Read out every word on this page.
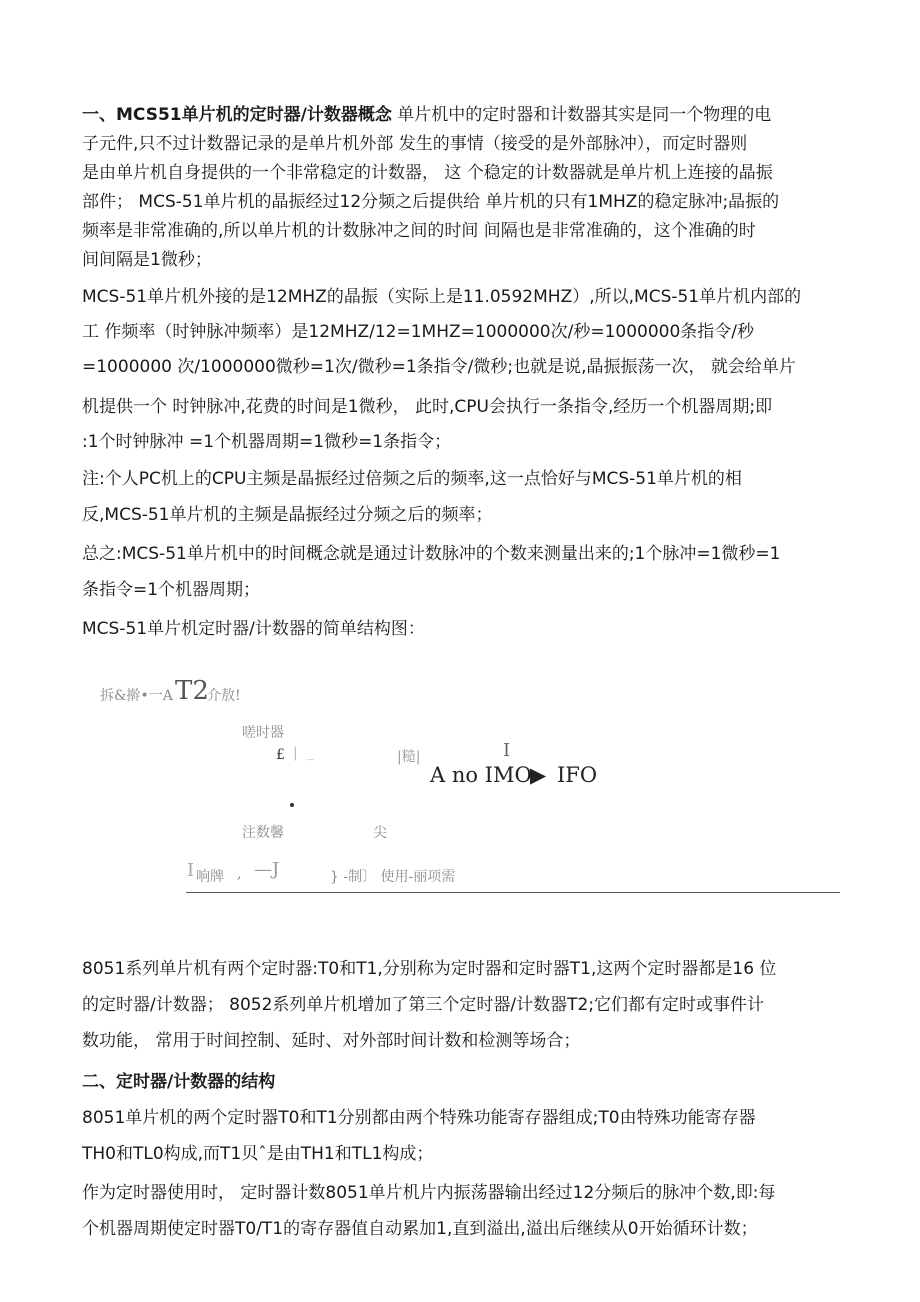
一、MCS51单片机的定时器/计数器概念 单片机中的定时器和计数器其实是同一个物理的电

子元件,只不过计数器记录的是单片机外部 发生的事情（接受的是外部脉冲），而定时器则

是由单片机自身提供的一个非常稳定的计数器， 这 个稳定的计数器就是单片机上连接的晶振

部件； MCS-51单片机的晶振经过12分频之后提供给 单片机的只有1MHZ的稳定脉冲;晶振的

频率是非常准确的,所以单片机的计数脉冲之间的时间 间隔也是非常准确的，这个准确的时

间间隔是1微秒；

MCS-51单片机外接的是12MHZ的晶振（实际上是11.0592MHZ）,所以,MCS-51单片机内部的

工 作频率（时钟脉冲频率）是12MHZ/12=1MHZ=1000000次/秒=1000000条指令/秒

=1000000 次/1000000微秒=1次/微秒=1条指令/微秒;也就是说,晶振振荡一次， 就会给单片

机提供一个 时钟脉冲,花费的时间是1微秒， 此时,CPU会执行一条指令,经历一个机器周期;即

:1个时钟脉冲 =1个机器周期=1微秒=1条指令；

注:个人PC机上的CPU主频是晶振经过倍频之后的频率,这一点恰好与MCS-51单片机的相

反,MCS-51单片机的主频是晶振经过分频之后的频率；

总之:MCS-51单片机中的时间概念就是通过计数脉冲的个数来测量出来的;1个脉冲=1微秒=1

条指令=1个机器周期；

MCS-51单片机定时器/计数器的简单结构图：

拆&擀•一A T2
介敖!
嗟时器
£ | _	|糙|	I
A no IMO
▶ IFO
注数馨	尖
I 响牌 , —J	} -制〕 使用-丽项需

8051系列单片机有两个定时器:T0和T1,分别称为定时器和定时器T1,这两个定时器都是16 位

的定时器/计数器； 8052系列单片机增加了第三个定时器/计数器T2;它们都有定时或事件计

数功能， 常用于时间控制、延时、对外部时间计数和检测等场合；

二、定时器/计数器的结构

8051单片机的两个定时器T0和T1分别都由两个特殊功能寄存器组成;T0由特殊功能寄存器

TH0和TL0构成,而T1贝ˆ是由TH1和TL1构成；

作为定时器使用时， 定时器计数8051单片机片内振荡器输出经过12分频后的脉冲个数,即:每

个机器周期使定时器T0/T1的寄存器值自动累加1,直到溢出,溢出后继续从0开始循环计数；
